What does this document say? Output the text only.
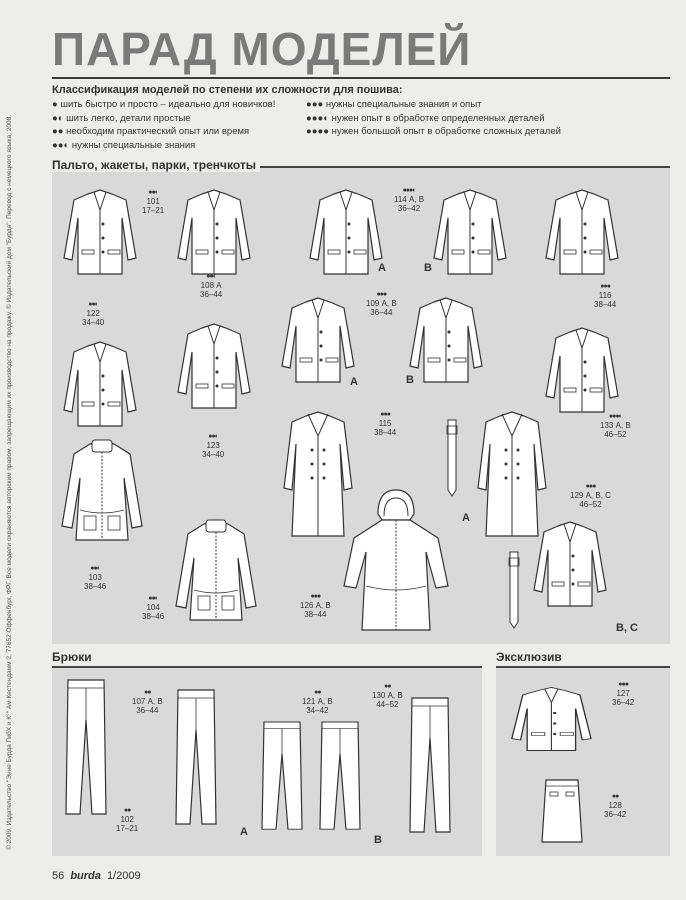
ПАРАД МОДЕЛЕЙ
Классификация моделей по степени их сложности для пошива:
● шить быстро и просто – идеально для новичков!
●◐ шить легко, детали простые
●● необходим практический опыт или время
●●◐ нужны специальные знания
●●● нужны специальные знания и опыт
●●●◐ нужен опыт в обработке определенных деталей
●●●● нужен большой опыт в обработке сложных деталей
© 2009, Издательство "Энне Бурда ГмбХ и К°" Ам Кестендамм 2, 77652 Оффенбург, ФРГ. Все модели охраняются авторским правом, запрещающим их производство на продажу. © Издательский дом "Бурда". Перевод с немецкого языка, 2008.	Пальто, жакеты, парки, тренчкоты
Брюки	Эксклюзив
●●◐
101
17–21
●●◐
108 А
36–44
●●●◐
114 А, В
36–42
●●●
116
38–44
●●◐
122
34–40
●●●
109 А, В
36–44
●●◐
123
34–40
●●●
115
38–44
●●●◐
133 А, В
46–52
●●●
129 А, В, С
46–52
●●◐
103
38–46
●●◐
104
38–46
●●●
126 А, В
38–44
●●
107 А, В
36–44
●●
121 А, В
34–42
●●
130 А, В
44–52
●●
102
17–21
●●●
127
36–42
●●
128
36–42
А	В
А	В
А
В, С
А
В
56 burda 1/2009
